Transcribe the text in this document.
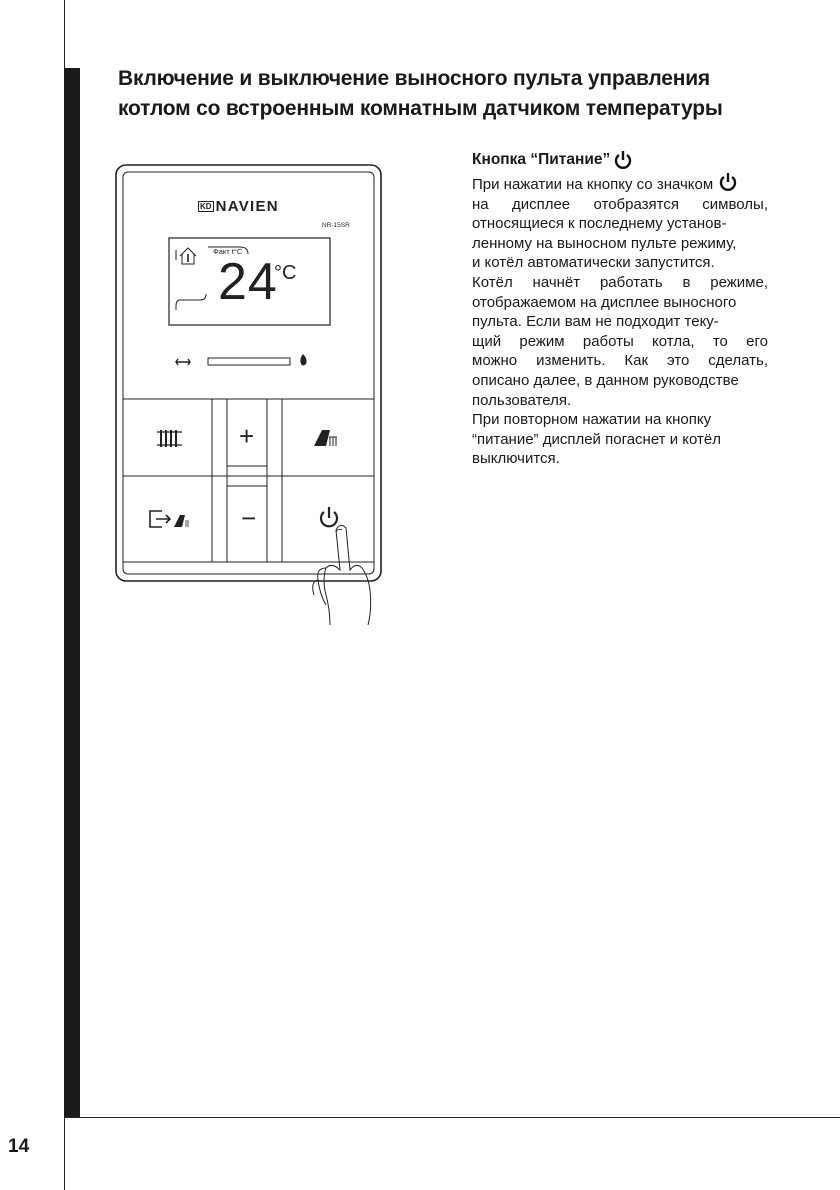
14
Включение и выключение выносного пульта управления
котлом со встроенным комнатным датчиком температуры
KD NAVIEN
NR-15SR
Факт t°C
24
°C
+
−
Кнопка “Питание”

При нажатии на кнопку со значком

на дисплее отобразятся символы,

относящиеся к последнему установ-

ленному на выносном пульте режиму,

и котёл автоматически запустится.

Котёл начнёт работать в режиме,

отображаемом на дисплее выносного

пульта. Если вам не подходит теку-

щий режим работы котла, то его

можно изменить. Как это сделать,

описано далее, в данном руководстве

пользователя.

При повторном нажатии на кнопку

“питание” дисплей погаснет и котёл

выключится.
